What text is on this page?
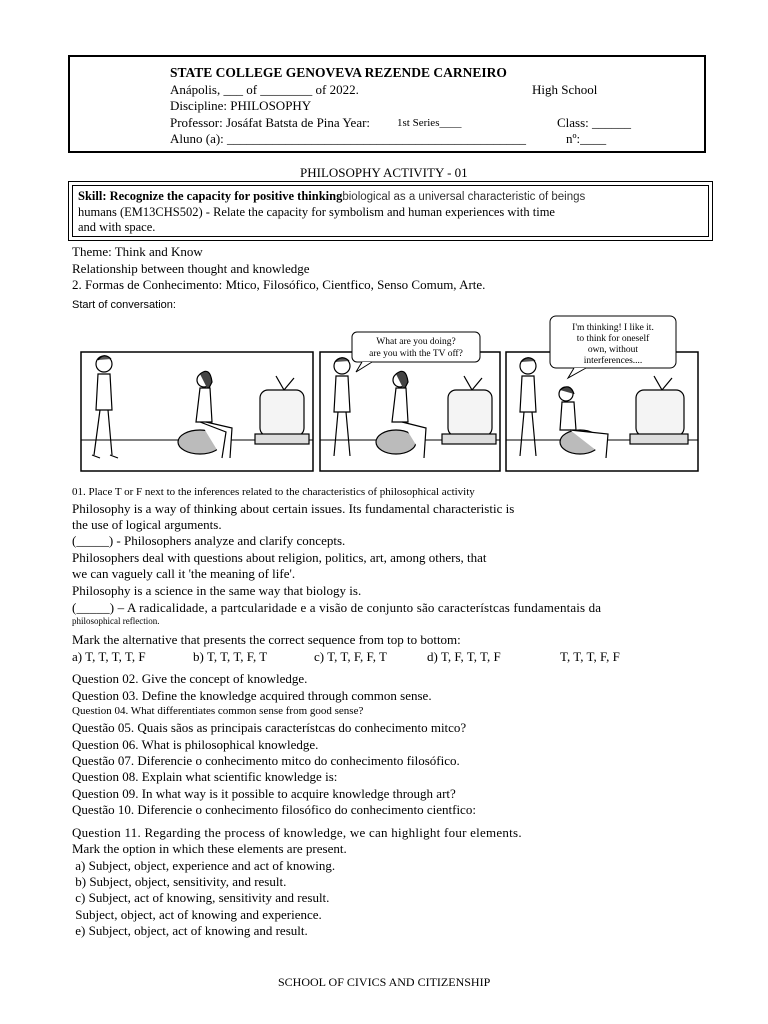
STATE COLLEGE GENOVEVA REZENDE CARNEIRO
Anápolis, ___ of ________ of 2022.	High School
Discipline: PHILOSOPHY
Professor: Josáfat Batsta de Pina Year: 1st Series____	Class: ______
Aluno (a): ______________________________________________	nº:____
PHILOSOPHY ACTIVITY - 01
Skill: Recognize the capacity for positive thinkingbiological as a universal characteristic of beings
humans (EM13CHS502) - Relate the capacity for symbolism and human experiences with time
and with space.
Theme: Think and Know
Relationship between thought and knowledge
2. Formas de Conhecimento: Mtico, Filosófico, Cientfico, Senso Comum, Arte.
Start of conversation:
What are you doing?
are you with the TV off?
I'm thinking! I like it.
to think for oneself
own, without
interferences....
01. Place T or F next to the inferences related to the characteristics of philosophical activity
Philosophy is a way of thinking about certain issues. Its fundamental characteristic is
the use of logical arguments.
(_____) - Philosophers analyze and clarify concepts.
Philosophers deal with questions about religion, politics, art, among others, that
we can vaguely call it 'the meaning of life'.
Philosophy is a science in the same way that biology is.
(_____) – A radicalidade, a partcularidade e a visão de conjunto são característcas fundamentais da
philosophical reflection.
Mark the alternative that presents the correct sequence from top to bottom:
a) T, T, T, T, F	b) T, T, T, F, T	c) T, T, F, F, T	d) T, F, T, T, F	T, T, T, F, F
Question 02. Give the concept of knowledge.
Question 03. Define the knowledge acquired through common sense.
Question 04. What differentiates common sense from good sense?
Questão 05. Quais sãos as principais característcas do conhecimento mitco?
Question 06. What is philosophical knowledge.
Questão 07. Diferencie o conhecimento mitco do conhecimento filosófico.
Question 08. Explain what scientific knowledge is:
Question 09. In what way is it possible to acquire knowledge through art?
Questão 10. Diferencie o conhecimento filosófico do conhecimento cientfico:
Question 11. Regarding the process of knowledge, we can highlight four elements.
Mark the option in which these elements are present.
a) Subject, object, experience and act of knowing.
b) Subject, object, sensitivity, and result.
c) Subject, act of knowing, sensitivity and result.
Subject, object, act of knowing and experience.
e) Subject, object, act of knowing and result.
SCHOOL OF CIVICS AND CITIZENSHIP
